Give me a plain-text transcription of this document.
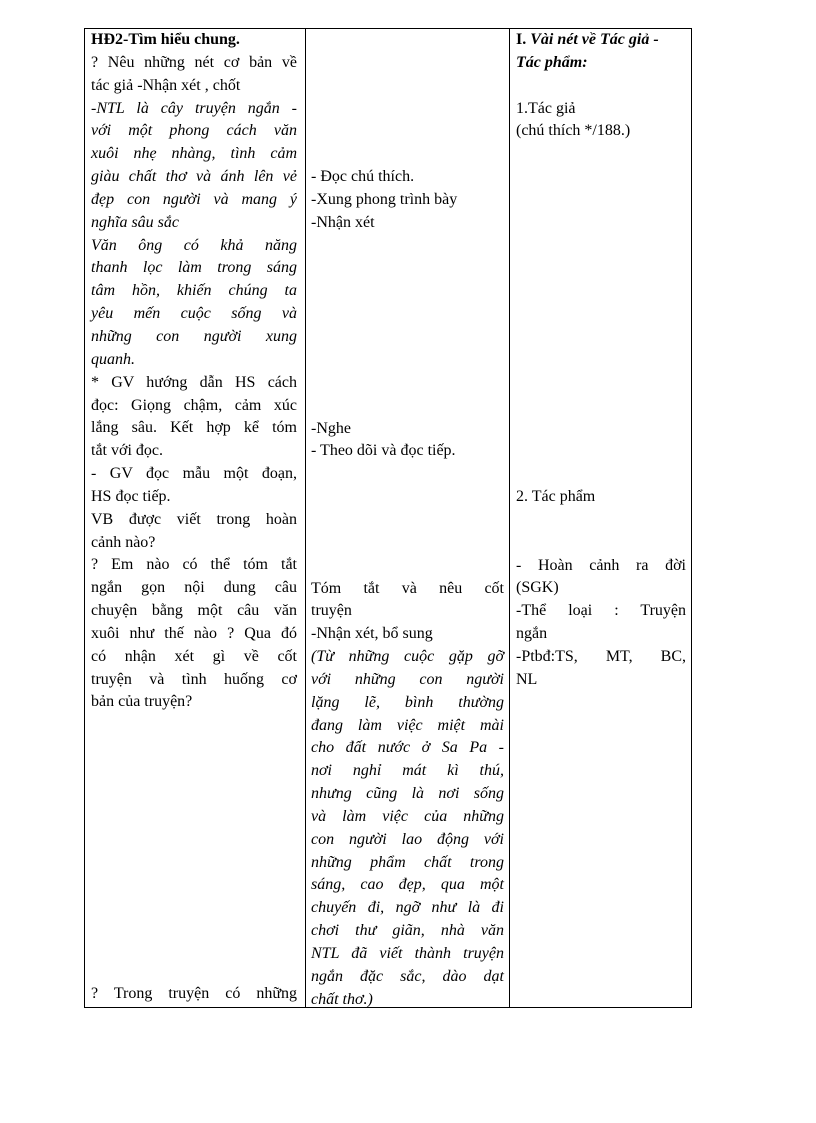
HĐ2-Tìm hiểu chung.
? Nêu những nét cơ bản về
tác giả -Nhận xét , chốt
-NTL là cây truyện ngắn -
với một phong cách văn
xuôi nhẹ nhàng, tình cảm
giàu chất thơ và ánh lên vẻ
đẹp con người và mang ý
nghĩa sâu sắc
Văn ông có khả năng
thanh lọc làm trong sáng
tâm hồn, khiến chúng ta
yêu mến cuộc sống và
những con người xung
quanh.
* GV hướng dẫn HS cách
đọc: Giọng chậm, cảm xúc
lắng sâu. Kết hợp kể tóm
tắt với đọc.
- GV đọc mẫu một đoạn,
HS đọc tiếp.
VB được viết trong hoàn
cảnh nào?
? Em nào có thể tóm tắt
ngắn gọn nội dung câu
chuyện bằng một câu văn
xuôi như thế nào ? Qua đó
có nhận xét gì về cốt
truyện và tình huống cơ
bản của truyện?
? Trong truyện có những
- Đọc chú thích.
-Xung phong trình bày
-Nhận xét
-Nghe
- Theo dõi và đọc tiếp.
Tóm tắt và nêu cốt
truyện
-Nhận xét, bổ sung
(Từ những cuộc gặp gỡ
với những con người
lặng lẽ, bình thường
đang làm việc miệt mài
cho đất nước ở Sa Pa -
nơi nghỉ mát kì thú,
nhưng cũng là nơi sống
và làm việc của những
con người lao động với
những phẩm chất trong
sáng, cao đẹp, qua một
chuyến đi, ngỡ như là đi
chơi thư giãn, nhà văn
NTL đã viết thành truyện
ngắn đặc sắc, dào dạt
chất thơ.)
I. Vài nét về Tác giả -
Tác phẩm:
1.Tác giả
(chú thích */188.)
2. Tác phẩm
- Hoàn cảnh ra đời
(SGK)
-Thể loại : Truyện
ngắn
-Ptbđ:TS, MT, BC,
NL
